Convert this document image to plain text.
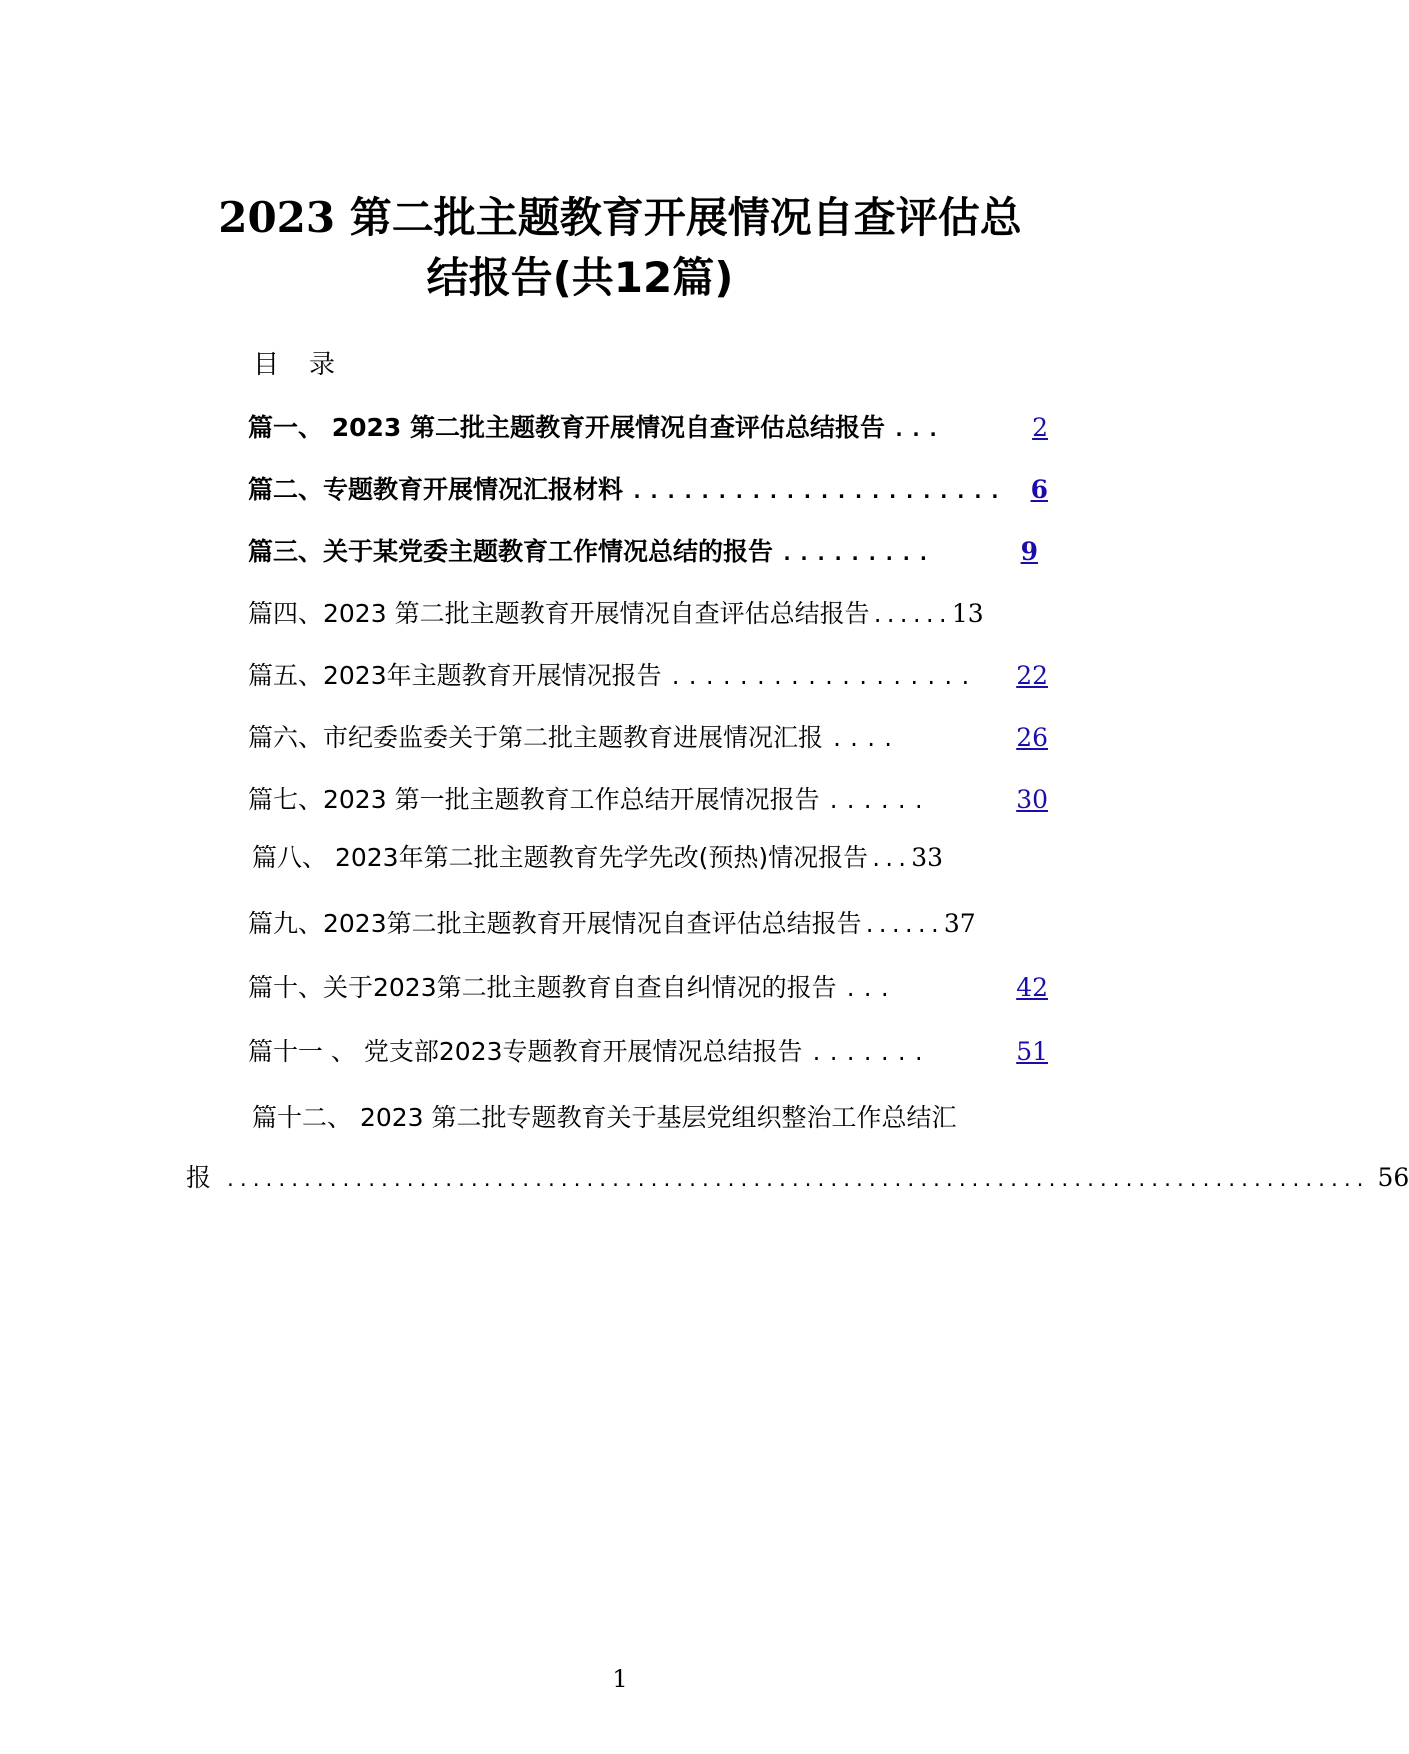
2023 第二批主题教育开展情况自查评估总
结报告(共12篇)
目 录
篇一、 2023 第二批主题教育开展情况自查评估总结报告 ...	2
篇二、专题教育开展情况汇报材料 ...................... 6
篇三、关于某党委主题教育工作情况总结的报告 .........	9
篇四、2023 第二批主题教育开展情况自查评估总结报告 ...... 13
篇五、2023年主题教育开展情况报告 ..................	22
篇六、市纪委监委关于第二批主题教育进展情况汇报 ....	26
篇七、2023 第一批主题教育工作总结开展情况报告 ......	30
篇八、 2023年第二批主题教育先学先改(预热)情况报告 ... 33
篇九、2023第二批主题教育开展情况自查评估总结报告 ...... 37
篇十、关于2023第二批主题教育自查自纠情况的报告 ...	42
篇十一 、 党支部2023专题教育开展情况总结报告 .......	51
篇十二、 2023 第二批专题教育关于基层党组织整治工作总结汇
报 ......................................................................................... 56
1
